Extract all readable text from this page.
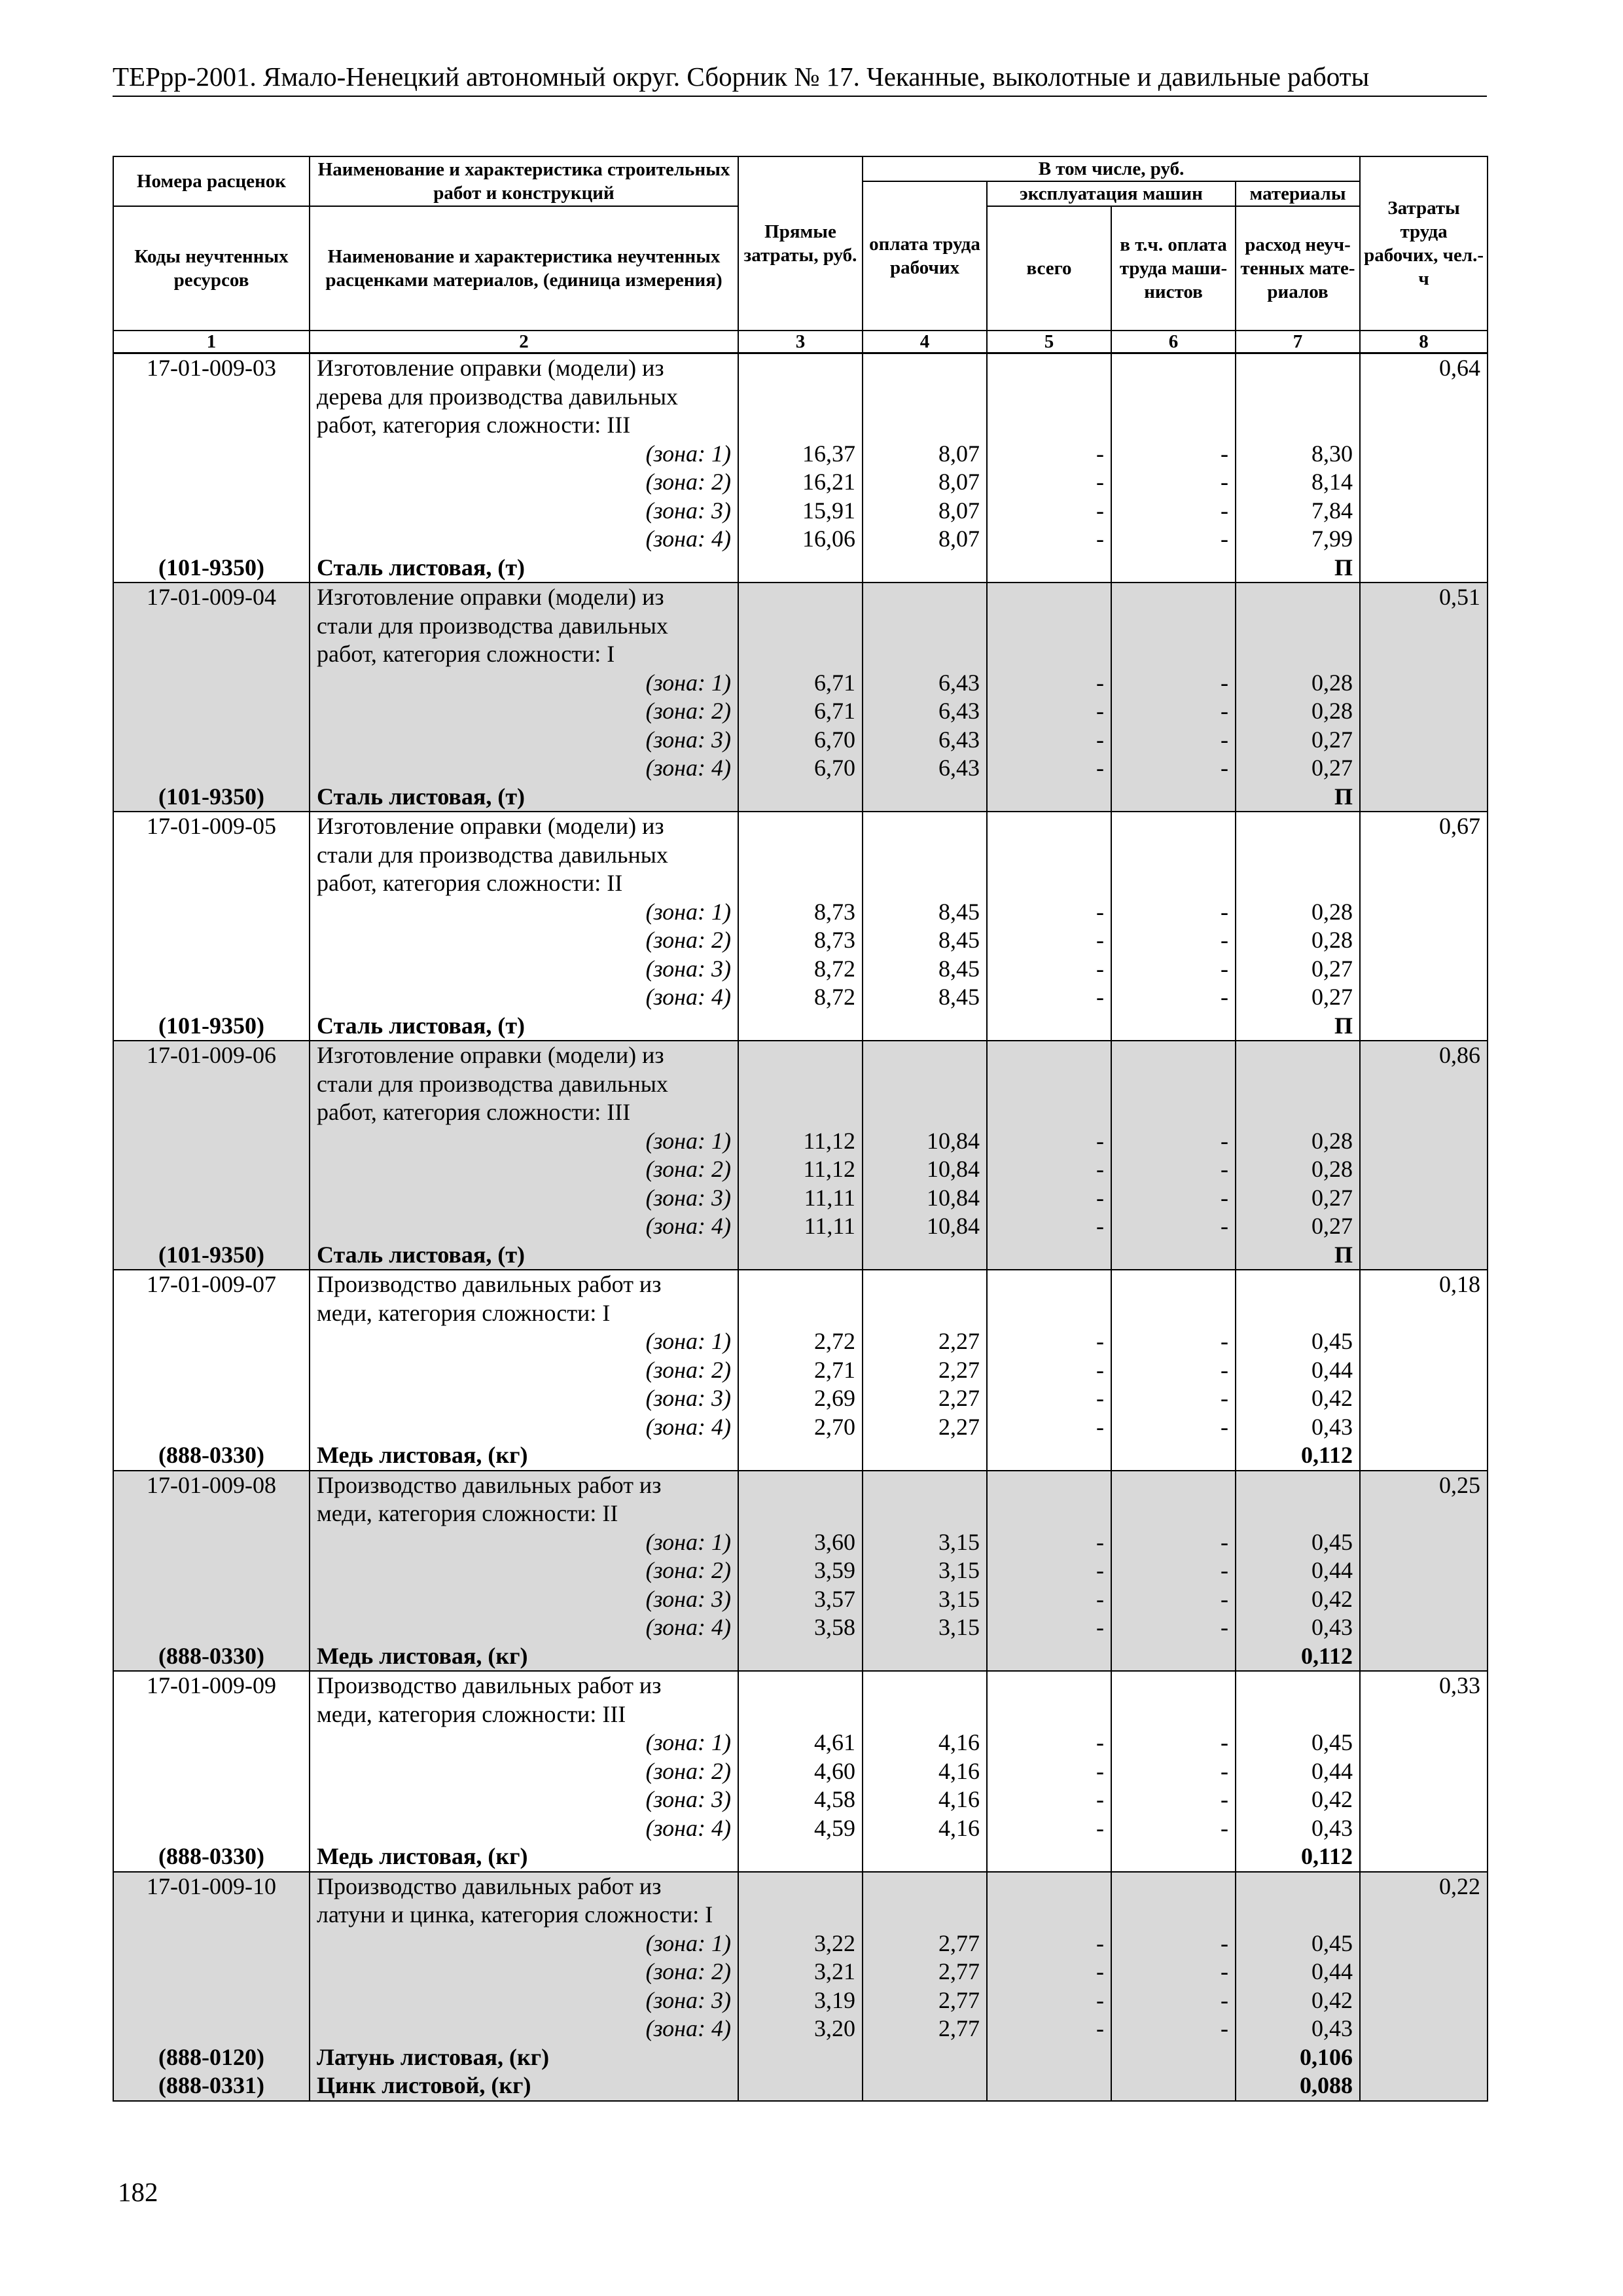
ТЕРрр-2001. Ямало-Ненецкий автономный округ. Сборник № 17. Чеканные, выколотные и давильные работы
Номера расценок	Наименование и характеристика строительных работ и конструкций	Прямые затраты, руб.	В том числе, руб.				Затраты труда рабочих, чел.-ч
			оплата труда рабочих	эксплуатация машин		материалы	
Коды неучтенных ресурсов	Наименование и характеристика неучтенных расценками материалов, (единица измерения)			всего	в т.ч. оплата труда маши-нистов	расход неуч-тенных мате-риалов	
1	2	3	4	5	6	7	8
17-01-009-03	Изготовление оправки (модели) из						0,64
	дерева для производства давильных						
	работ, категория сложности: III						
	(зона: 1)	16,37	8,07	-	-	8,30	
	(зона: 2)	16,21	8,07	-	-	8,14	
	(зона: 3)	15,91	8,07	-	-	7,84	
	(зона: 4)	16,06	8,07	-	-	7,99	
(101-9350)	Сталь листовая, (т)					П	
17-01-009-04	Изготовление оправки (модели) из						0,51
	стали для производства давильных						
	работ, категория сложности: I						
	(зона: 1)	6,71	6,43	-	-	0,28	
	(зона: 2)	6,71	6,43	-	-	0,28	
	(зона: 3)	6,70	6,43	-	-	0,27	
	(зона: 4)	6,70	6,43	-	-	0,27	
(101-9350)	Сталь листовая, (т)					П	
17-01-009-05	Изготовление оправки (модели) из						0,67
	стали для производства давильных						
	работ, категория сложности: II						
	(зона: 1)	8,73	8,45	-	-	0,28	
	(зона: 2)	8,73	8,45	-	-	0,28	
	(зона: 3)	8,72	8,45	-	-	0,27	
	(зона: 4)	8,72	8,45	-	-	0,27	
(101-9350)	Сталь листовая, (т)					П	
17-01-009-06	Изготовление оправки (модели) из						0,86
	стали для производства давильных						
	работ, категория сложности: III						
	(зона: 1)	11,12	10,84	-	-	0,28	
	(зона: 2)	11,12	10,84	-	-	0,28	
	(зона: 3)	11,11	10,84	-	-	0,27	
	(зона: 4)	11,11	10,84	-	-	0,27	
(101-9350)	Сталь листовая, (т)					П	
17-01-009-07	Производство давильных работ из						0,18
	меди, категория сложности: I						
	(зона: 1)	2,72	2,27	-	-	0,45	
	(зона: 2)	2,71	2,27	-	-	0,44	
	(зона: 3)	2,69	2,27	-	-	0,42	
	(зона: 4)	2,70	2,27	-	-	0,43	
(888-0330)	Медь листовая, (кг)					0,112	
17-01-009-08	Производство давильных работ из						0,25
	меди, категория сложности: II						
	(зона: 1)	3,60	3,15	-	-	0,45	
	(зона: 2)	3,59	3,15	-	-	0,44	
	(зона: 3)	3,57	3,15	-	-	0,42	
	(зона: 4)	3,58	3,15	-	-	0,43	
(888-0330)	Медь листовая, (кг)					0,112	
17-01-009-09	Производство давильных работ из						0,33
	меди, категория сложности: III						
	(зона: 1)	4,61	4,16	-	-	0,45	
	(зона: 2)	4,60	4,16	-	-	0,44	
	(зона: 3)	4,58	4,16	-	-	0,42	
	(зона: 4)	4,59	4,16	-	-	0,43	
(888-0330)	Медь листовая, (кг)					0,112	
17-01-009-10	Производство давильных работ из						0,22
	латуни и цинка, категория сложности: I						
	(зона: 1)	3,22	2,77	-	-	0,45	
	(зона: 2)	3,21	2,77	-	-	0,44	
	(зона: 3)	3,19	2,77	-	-	0,42	
	(зона: 4)	3,20	2,77	-	-	0,43	
(888-0120)	Латунь листовая, (кг)					0,106	
(888-0331)	Цинк листовой, (кг)					0,088	
182
